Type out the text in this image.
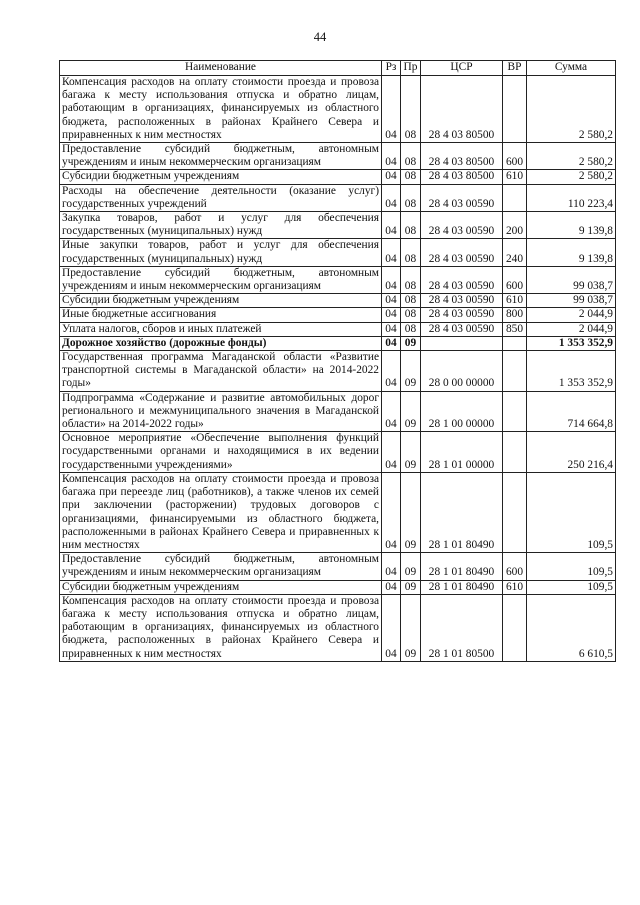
44
Наименование	Рз	Пр	ЦСР	ВР	Сумма
Компенсация расходов на оплату стоимости проезда и провоза багажа к месту использования отпуска и обратно лицам, работающим в организациях, финансируемых из областного бюджета, расположенных в районах Крайнего Севера и приравненных к ним местностях	04	08	28 4 03 80500		2 580,2
Предоставление субсидий бюджетным, автономным учреждениям и иным некоммерческим организациям	04	08	28 4 03 80500	600	2 580,2
Субсидии бюджетным учреждениям	04	08	28 4 03 80500	610	2 580,2
Расходы на обеспечение деятельности (оказание услуг) государственных учреждений	04	08	28 4 03 00590		110 223,4
Закупка товаров, работ и услуг для обеспечения государственных (муниципальных) нужд	04	08	28 4 03 00590	200	9 139,8
Иные закупки товаров, работ и услуг для обеспечения государственных (муниципальных) нужд	04	08	28 4 03 00590	240	9 139,8
Предоставление субсидий бюджетным, автономным учреждениям и иным некоммерческим организациям	04	08	28 4 03 00590	600	99 038,7
Субсидии бюджетным учреждениям	04	08	28 4 03 00590	610	99 038,7
Иные бюджетные ассигнования	04	08	28 4 03 00590	800	2 044,9
Уплата налогов, сборов и иных платежей	04	08	28 4 03 00590	850	2 044,9
Дорожное хозяйство (дорожные фонды)	04	09			1 353 352,9
Государственная программа Магаданской области «Развитие транспортной системы в Магаданской области» на 2014-2022 годы»	04	09	28 0 00 00000		1 353 352,9
Подпрограмма «Содержание и развитие автомобильных дорог регионального и межмуниципального значения в Магаданской области» на 2014-2022 годы»	04	09	28 1 00 00000		714 664,8
Основное мероприятие «Обеспечение выполнения функций государственными органами и находящимися в их ведении государственными учреждениями»	04	09	28 1 01 00000		250 216,4
Компенсация расходов на оплату стоимости проезда и провоза багажа при переезде лиц (работников), а также членов их семей при заключении (расторжении) трудовых договоров с организациями, финансируемыми из областного бюджета, расположенными в районах Крайнего Севера и приравненных к ним местностях	04	09	28 1 01 80490		109,5
Предоставление субсидий бюджетным, автономным учреждениям и иным некоммерческим организациям	04	09	28 1 01 80490	600	109,5
Субсидии бюджетным учреждениям	04	09	28 1 01 80490	610	109,5
Компенсация расходов на оплату стоимости проезда и провоза багажа к месту использования отпуска и обратно лицам, работающим в организациях, финансируемых из областного бюджета, расположенных в районах Крайнего Севера и приравненных к ним местностях	04	09	28 1 01 80500		6 610,5
